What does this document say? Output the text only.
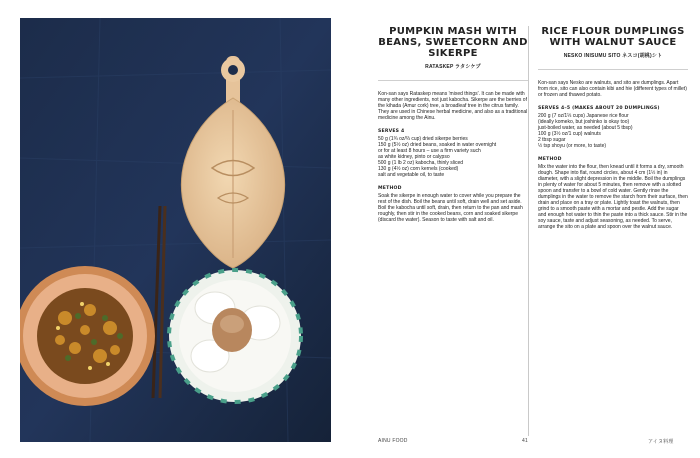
PUMPKIN MASH WITH BEANS, SWEETCORN AND SIKERPE

RATASKEP ラタシケプ

Kon-san says Rataskep means 'mixed things'. It can be made with many other ingredients, not just kabocha. Sikerpe are the berries of the kihada (Amur cork) tree, a broadleaf tree in the citrus family. They are used in Chinese herbal medicine, and also as a traditional medicine among the Ainu.

SERVES 4

50 g (1¾ oz/⅔ cup) dried sikerpe berries
150 g (5½ oz) dried beans, soaked in water overnight
or for at least 8 hours – use a firm variety such
as white kidney, pinto or calypso
500 g (1 lb 2 oz) kabocha, thinly sliced
130 g (4½ oz) corn kernels (cooked)
salt and vegetable oil, to taste

METHOD

Soak the sikerpe in enough water to cover while you prepare the rest of the dish. Boil the beans until soft, drain well and set aside. Boil the kabocha until soft, drain, then return to the pan and mash roughly, then stir in the cooked beans, corn and soaked sikerpe (discard the water). Season to taste with salt and oil.

RICE FLOUR DUMPLINGS WITH WALNUT SAUCE

NESKO INISUMU SITO ネスコ(胡桃)シト

Kon-san says Nesko are walnuts, and sito are dumplings. Apart from rice, sito can also contain kibi and hie (different types of millet) or frozen and thawed potato.

SERVES 4–5 (MAKES ABOUT 20 DUMPLINGS)

200 g (7 oz/1⅓ cups) Japanese rice flour
(ideally komeko, but joshinko is okay too)
just-boiled water, as needed (about 5 tbsp)
100 g (3½ oz/1 cup) walnuts
2 tbsp sugar
½ tsp shoyu (or more, to taste)

METHOD

Mix the water into the flour, then knead until it forms a dry, smooth dough. Shape into flat, round circles, about 4 cm (1½ in) in diameter, with a slight depression in the middle. Boil the dumplings in plenty of water for about 5 minutes, then remove with a slotted spoon and transfer to a bowl of cold water. Gently rinse the dumplings in the water to remove the starch from their surface, then drain and place on a tray or plate. Lightly toast the walnuts, then grind to a smooth paste with a mortar and pestle. Add the sugar and enough hot water to thin the paste into a thick sauce. Stir in the soy sauce, taste and adjust seasoning, as needed. To serve, arrange the sito on a plate and spoon over the walnut sauce.

AINU FOOD	41	アイヌ料理
